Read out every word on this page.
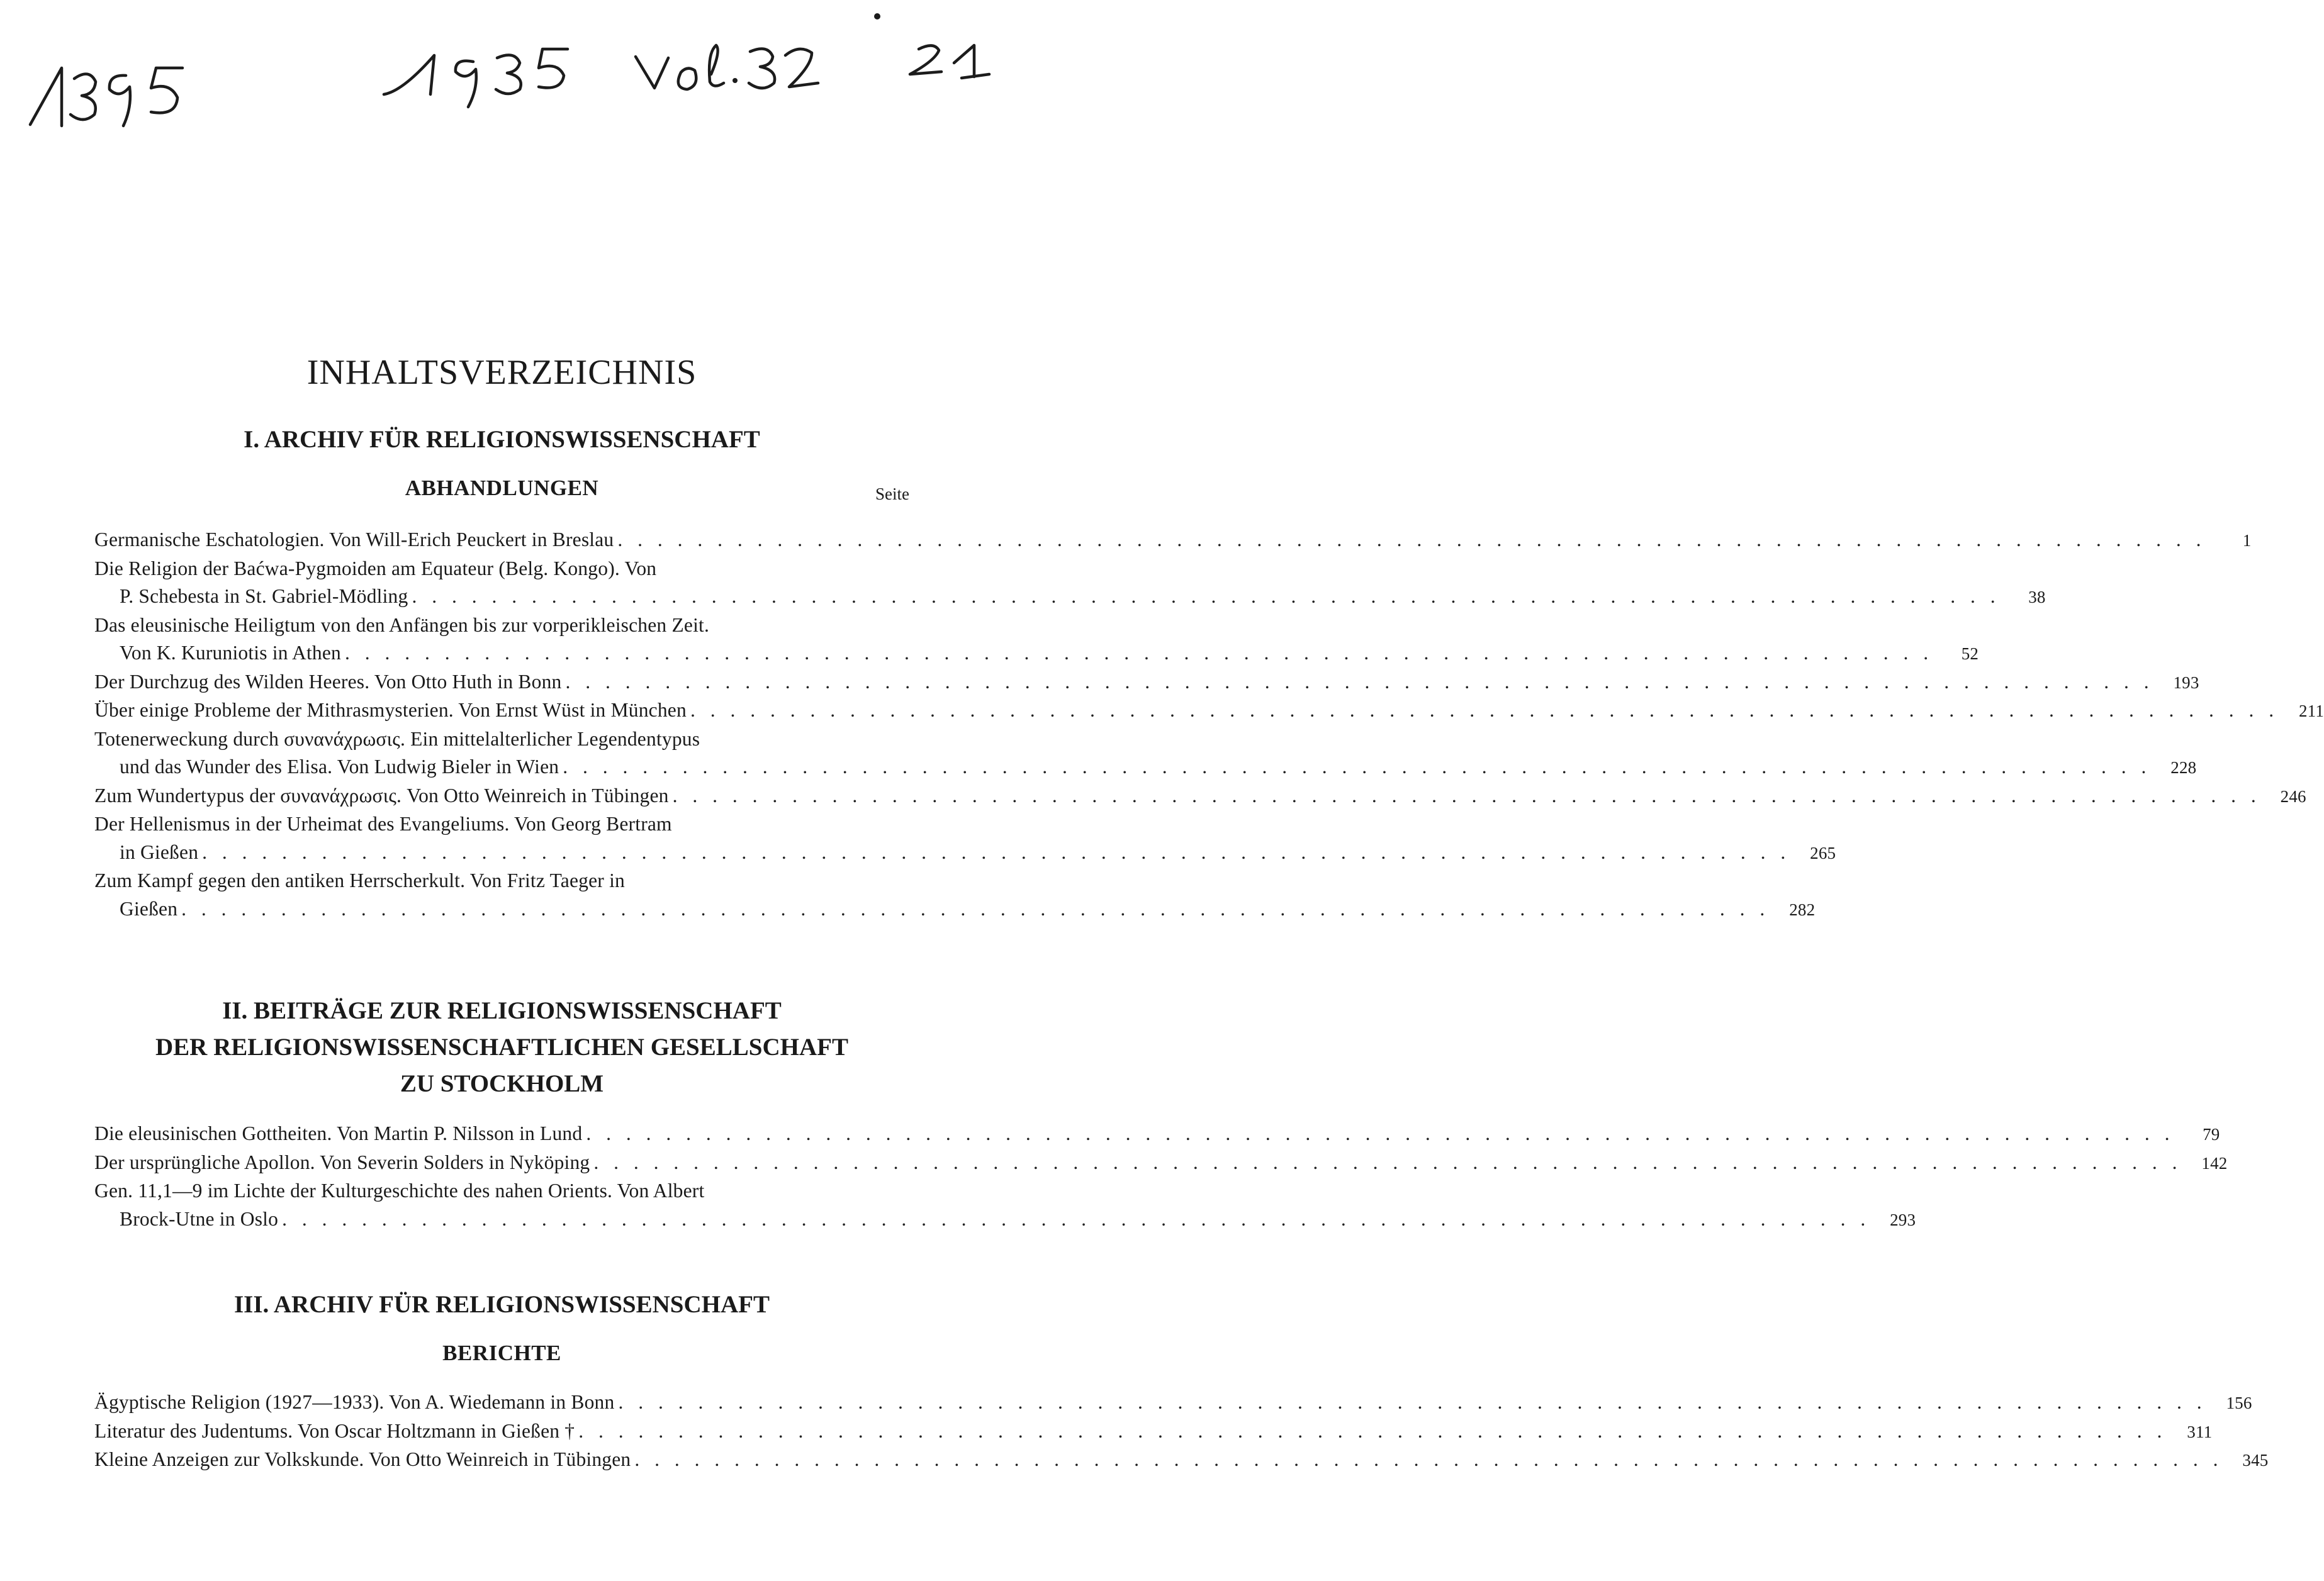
INHALTSVERZEICHNIS
I. ARCHIV FÜR RELIGIONSWISSENSCHAFT
ABHANDLUNGEN	Seite
Germanische Eschatologien. Von Will-Erich Peuckert in Breslau . . . . . . . . . . . . . . . . . . . . . . . . . . . . . . . . . . . . . . . . . . . . . . . . . . . . . . . . . . . . . . . . . . . . . . . . . . . . . . . .	1
Die Religion der Baćwa-Pygmoiden am Equateur (Belg. Kongo). Von
P. Schebesta in St. Gabriel-Mödling . . . . . . . . . . . . . . . . . . . . . . . . . . . . . . . . . . . . . . . . . . . . . . . . . . . . . . . . . . . . . . . . . . . . . . . . . . . . . . . .	38
Das eleusinische Heiligtum von den Anfängen bis zur vorperikleischen Zeit.
Von K. Kuruniotis in Athen . . . . . . . . . . . . . . . . . . . . . . . . . . . . . . . . . . . . . . . . . . . . . . . . . . . . . . . . . . . . . . . . . . . . . . . . . . . . . . . .	52
Der Durchzug des Wilden Heeres. Von Otto Huth in Bonn . . . . . . . . . . . . . . . . . . . . . . . . . . . . . . . . . . . . . . . . . . . . . . . . . . . . . . . . . . . . . . . . . . . . . . . . . . . . . . . .	193
Über einige Probleme der Mithrasmysterien. Von Ernst Wüst in München . . . . . . . . . . . . . . . . . . . . . . . . . . . . . . . . . . . . . . . . . . . . . . . . . . . . . . . . . . . . . . . . . . . . . . . . . . . . . . . .	211
Totenerweckung durch συνανάχρωσις. Ein mittelalterlicher Legendentypus
und das Wunder des Elisa. Von Ludwig Bieler in Wien . . . . . . . . . . . . . . . . . . . . . . . . . . . . . . . . . . . . . . . . . . . . . . . . . . . . . . . . . . . . . . . . . . . . . . . . . . . . . . . .	228
Zum Wundertypus der συνανάχρωσις. Von Otto Weinreich in Tübingen . . . . . . . . . . . . . . . . . . . . . . . . . . . . . . . . . . . . . . . . . . . . . . . . . . . . . . . . . . . . . . . . . . . . . . . . . . . . . . . .	246
Der Hellenismus in der Urheimat des Evangeliums. Von Georg Bertram
in Gießen . . . . . . . . . . . . . . . . . . . . . . . . . . . . . . . . . . . . . . . . . . . . . . . . . . . . . . . . . . . . . . . . . . . . . . . . . . . . . . . .	265
Zum Kampf gegen den antiken Herrscherkult. Von Fritz Taeger in
Gießen . . . . . . . . . . . . . . . . . . . . . . . . . . . . . . . . . . . . . . . . . . . . . . . . . . . . . . . . . . . . . . . . . . . . . . . . . . . . . . . .	282
II. BEITRÄGE ZUR RELIGIONSWISSENSCHAFT
DER RELIGIONSWISSENSCHAFTLICHEN GESELLSCHAFT
ZU STOCKHOLM
Die eleusinischen Gottheiten. Von Martin P. Nilsson in Lund . . . . . . . . . . . . . . . . . . . . . . . . . . . . . . . . . . . . . . . . . . . . . . . . . . . . . . . . . . . . . . . . . . . . . . . . . . . . . . . .	79
Der ursprüngliche Apollon. Von Severin Solders in Nyköping . . . . . . . . . . . . . . . . . . . . . . . . . . . . . . . . . . . . . . . . . . . . . . . . . . . . . . . . . . . . . . . . . . . . . . . . . . . . . . . .	142
Gen. 11,1—9 im Lichte der Kulturgeschichte des nahen Orients. Von Albert
Brock-Utne in Oslo . . . . . . . . . . . . . . . . . . . . . . . . . . . . . . . . . . . . . . . . . . . . . . . . . . . . . . . . . . . . . . . . . . . . . . . . . . . . . . . .	293
III. ARCHIV FÜR RELIGIONSWISSENSCHAFT
BERICHTE
Ägyptische Religion (1927—1933). Von A. Wiedemann in Bonn . . . . . . . . . . . . . . . . . . . . . . . . . . . . . . . . . . . . . . . . . . . . . . . . . . . . . . . . . . . . . . . . . . . . . . . . . . . . . . . .	156
Literatur des Judentums. Von Oscar Holtzmann in Gießen † . . . . . . . . . . . . . . . . . . . . . . . . . . . . . . . . . . . . . . . . . . . . . . . . . . . . . . . . . . . . . . . . . . . . . . . . . . . . . . . .	311
Kleine Anzeigen zur Volkskunde. Von Otto Weinreich in Tübingen . . . . . . . . . . . . . . . . . . . . . . . . . . . . . . . . . . . . . . . . . . . . . . . . . . . . . . . . . . . . . . . . . . . . . . . . . . . . . . . .	345
